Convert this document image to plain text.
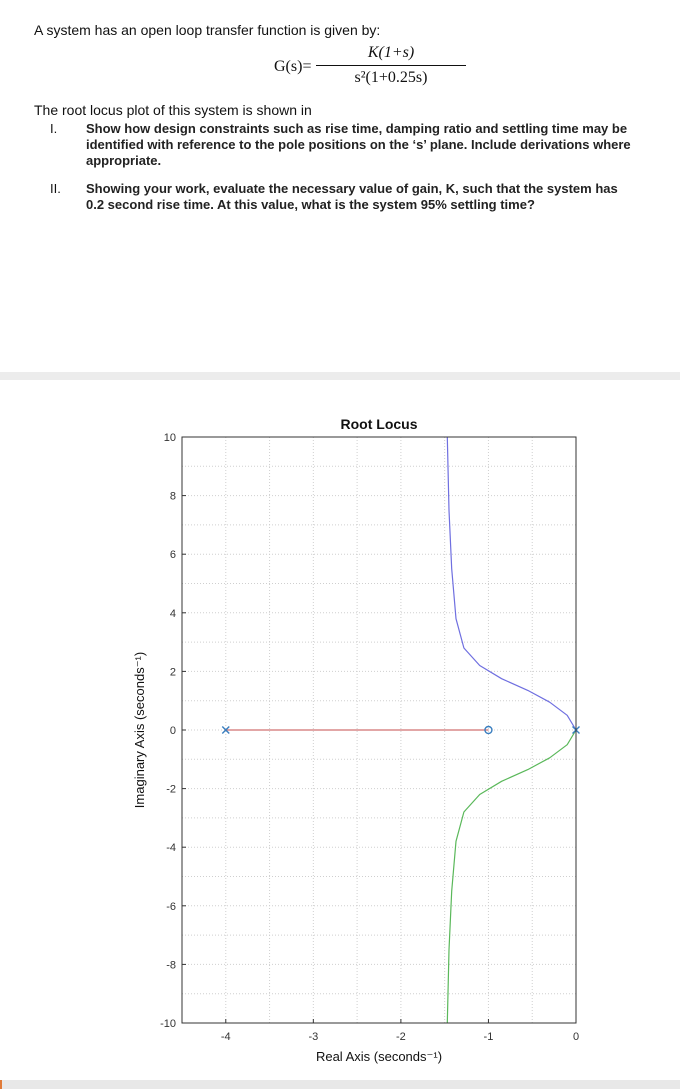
A system has an open loop transfer function is given by:
G(s)=
K(1+s)
s²(1+0.25s)
The root locus plot of this system is shown in
I. Show how design constraints such as rise time, damping ratio and settling time may be
identified with reference to the pole positions on the ‘s’ plane. Include derivations where
appropriate.
II. Showing your work, evaluate the necessary value of gain, K, such that the system has
0.2 second rise time. At this value, what is the system 95% settling time?
10
8
6
4
2
0
-2
-4
-6
-8
-10
-4	-3	-2	-1	0
Root Locus
Real Axis (seconds⁻¹)
Imaginary Axis (seconds⁻¹)
